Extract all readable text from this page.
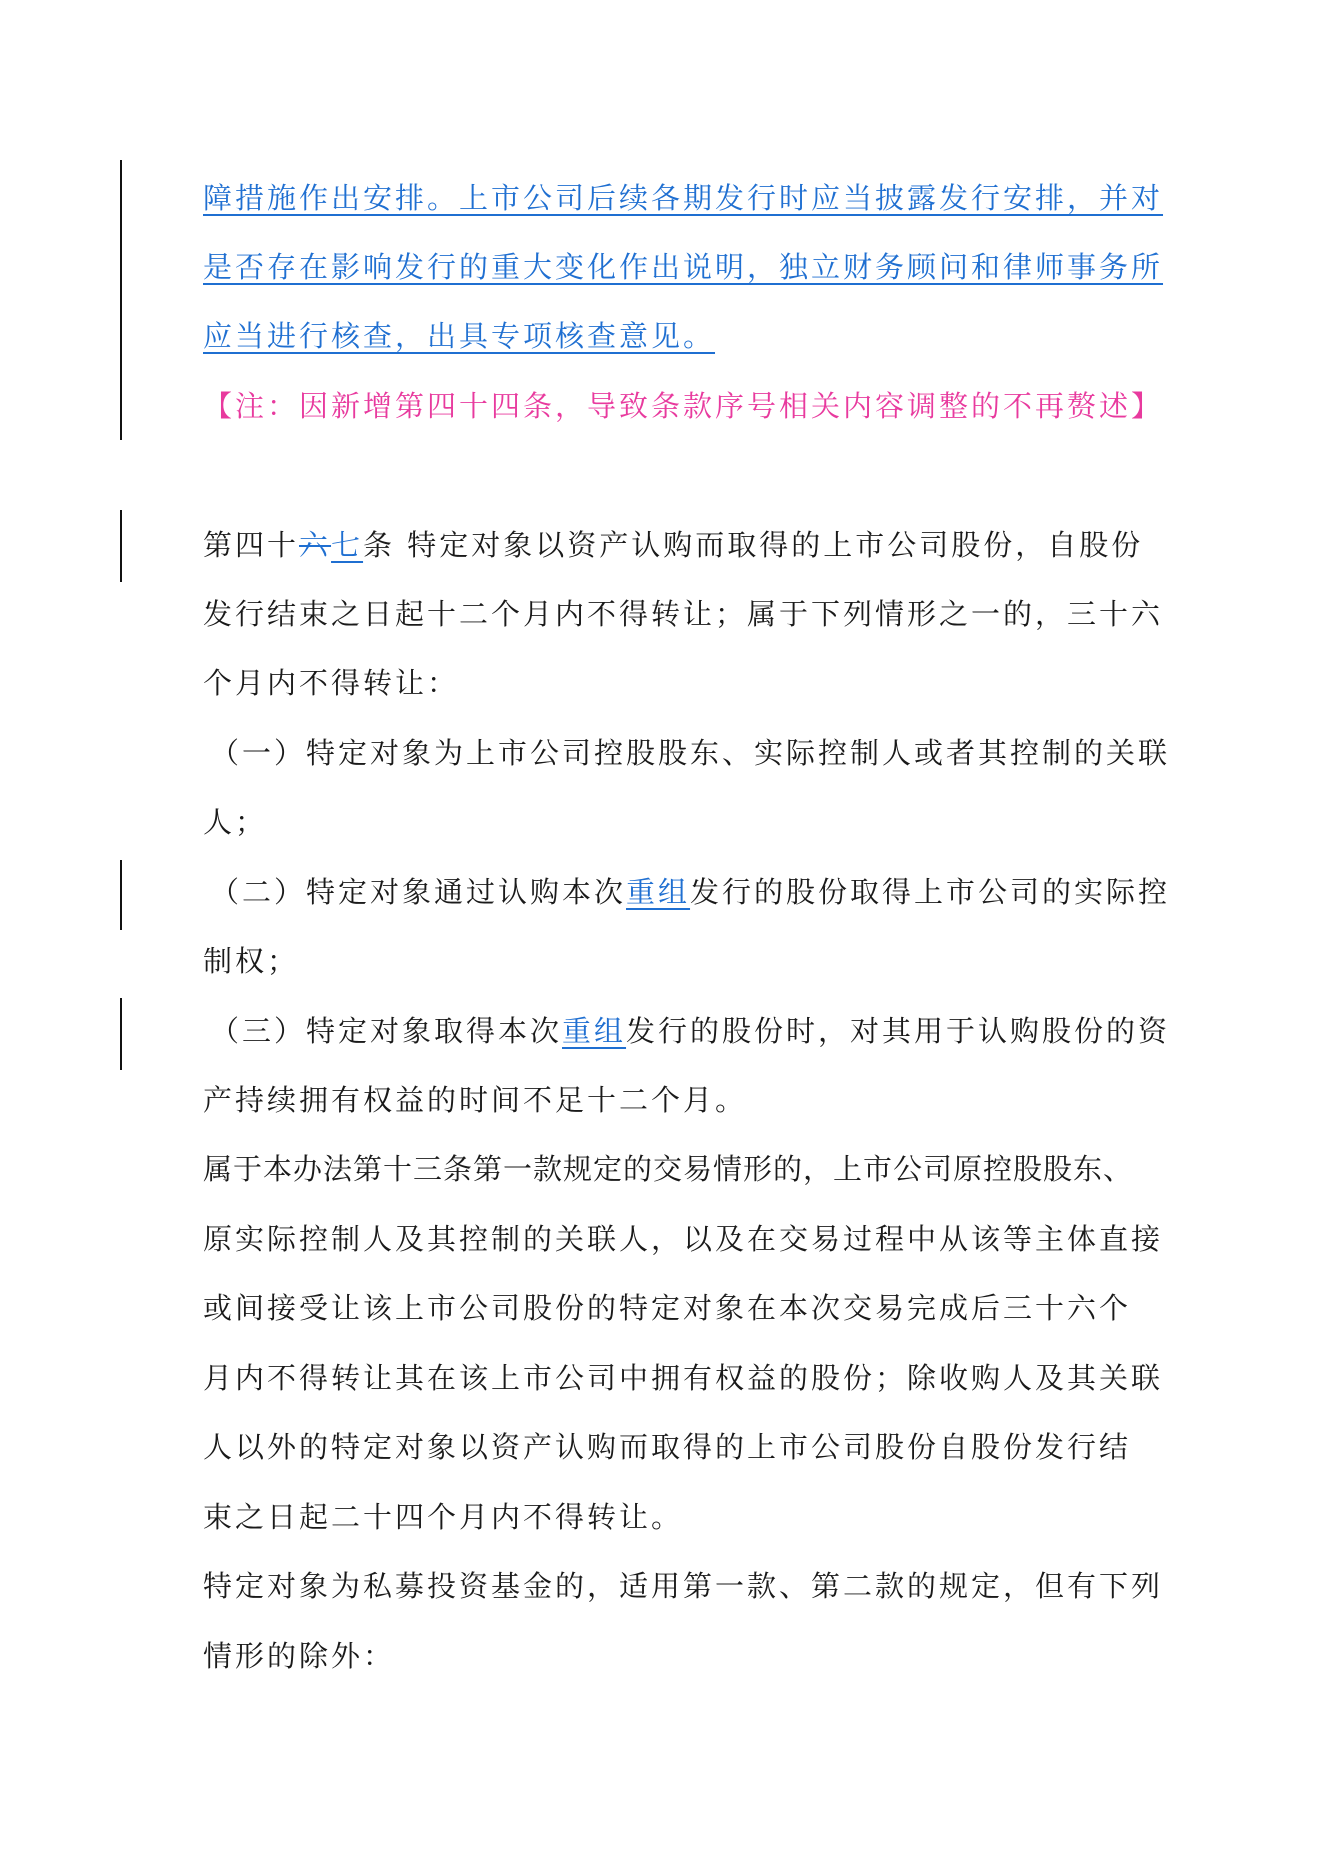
障措施作出安排。上市公司后续各期发行时应当披露发行安排，并对
是否存在影响发行的重大变化作出说明，独立财务顾问和律师事务所
应当进行核查，出具专项核查意见。
【注：因新增第四十四条，导致条款序号相关内容调整的不再赘述】
第四十六七条 特定对象以资产认购而取得的上市公司股份，自股份
发行结束之日起十二个月内不得转让；属于下列情形之一的，三十六
个月内不得转让：
（一）特定对象为上市公司控股股东、实际控制人或者其控制的关联
人；
（二）特定对象通过认购本次重组发行的股份取得上市公司的实际控
制权；
（三）特定对象取得本次重组发行的股份时，对其用于认购股份的资
产持续拥有权益的时间不足十二个月。
属于本办法第十三条第一款规定的交易情形的，上市公司原控股股东、
原实际控制人及其控制的关联人，以及在交易过程中从该等主体直接
或间接受让该上市公司股份的特定对象在本次交易完成后三十六个
月内不得转让其在该上市公司中拥有权益的股份；除收购人及其关联
人以外的特定对象以资产认购而取得的上市公司股份自股份发行结
束之日起二十四个月内不得转让。
特定对象为私募投资基金的，适用第一款、第二款的规定，但有下列
情形的除外：
